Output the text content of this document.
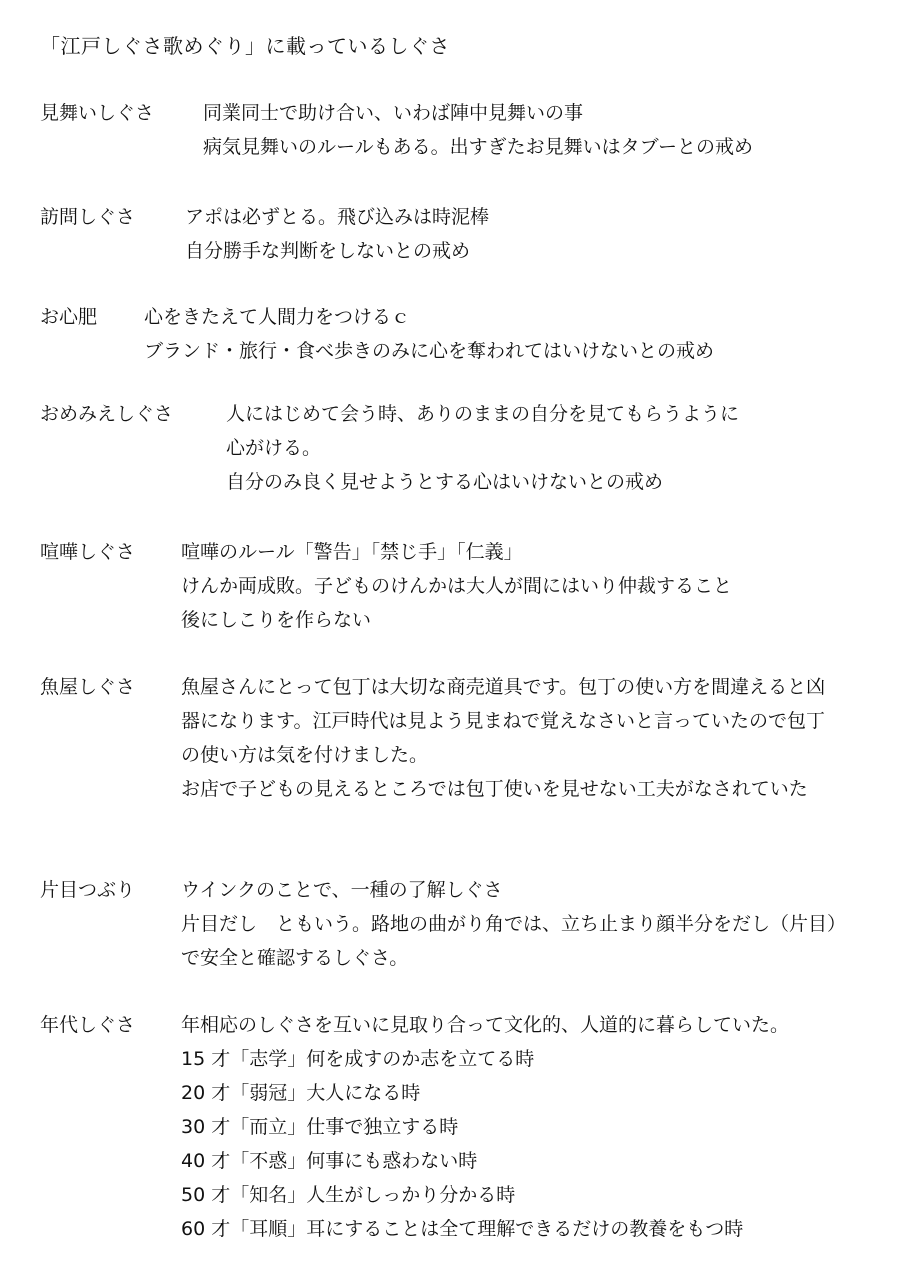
「江戸しぐさ歌めぐり」に載っているしぐさ
見舞いしぐさ	同業同士で助け合い、いわば陣中見舞いの事
病気見舞いのルールもある。出すぎたお見舞いはタブーとの戒め
訪問しぐさ	アポは必ずとる。飛び込みは時泥棒
自分勝手な判断をしないとの戒め
お心肥 心をきたえて人間力をつけるｃ
ブランド・旅行・食べ歩きのみに心を奪われてはいけないとの戒め
おめみえしぐさ	人にはじめて会う時、ありのままの自分を見てもらうように
心がける。
自分のみ良く見せようとする心はいけないとの戒め
喧嘩しぐさ 喧嘩のルール「警告」「禁じ手」「仁義」
けんか両成敗。子どものけんかは大人が間にはいり仲裁すること
後にしこりを作らない
魚屋しぐさ 魚屋さんにとって包丁は大切な商売道具です。包丁の使い方を間違えると凶器になります。江戸時代は見よう見まねで覚えなさいと言っていたので包丁の使い方は気を付けました。
お店で子どもの見えるところでは包丁使いを見せない工夫がなされていた
片目つぶり ウインクのことで、一種の了解しぐさ
片目だし　ともいう。路地の曲がり角では、立ち止まり顔半分をだし（片目）で安全と確認するしぐさ。
年代しぐさ 年相応のしぐさを互いに見取り合って文化的、人道的に暮らしていた。
15 才「志学」何を成すのか志を立てる時
20 才「弱冠」大人になる時
30 才「而立」仕事で独立する時
40 才「不惑」何事にも惑わない時
50 才「知名」人生がしっかり分かる時
60 才「耳順」耳にすることは全て理解できるだけの教養をもつ時
